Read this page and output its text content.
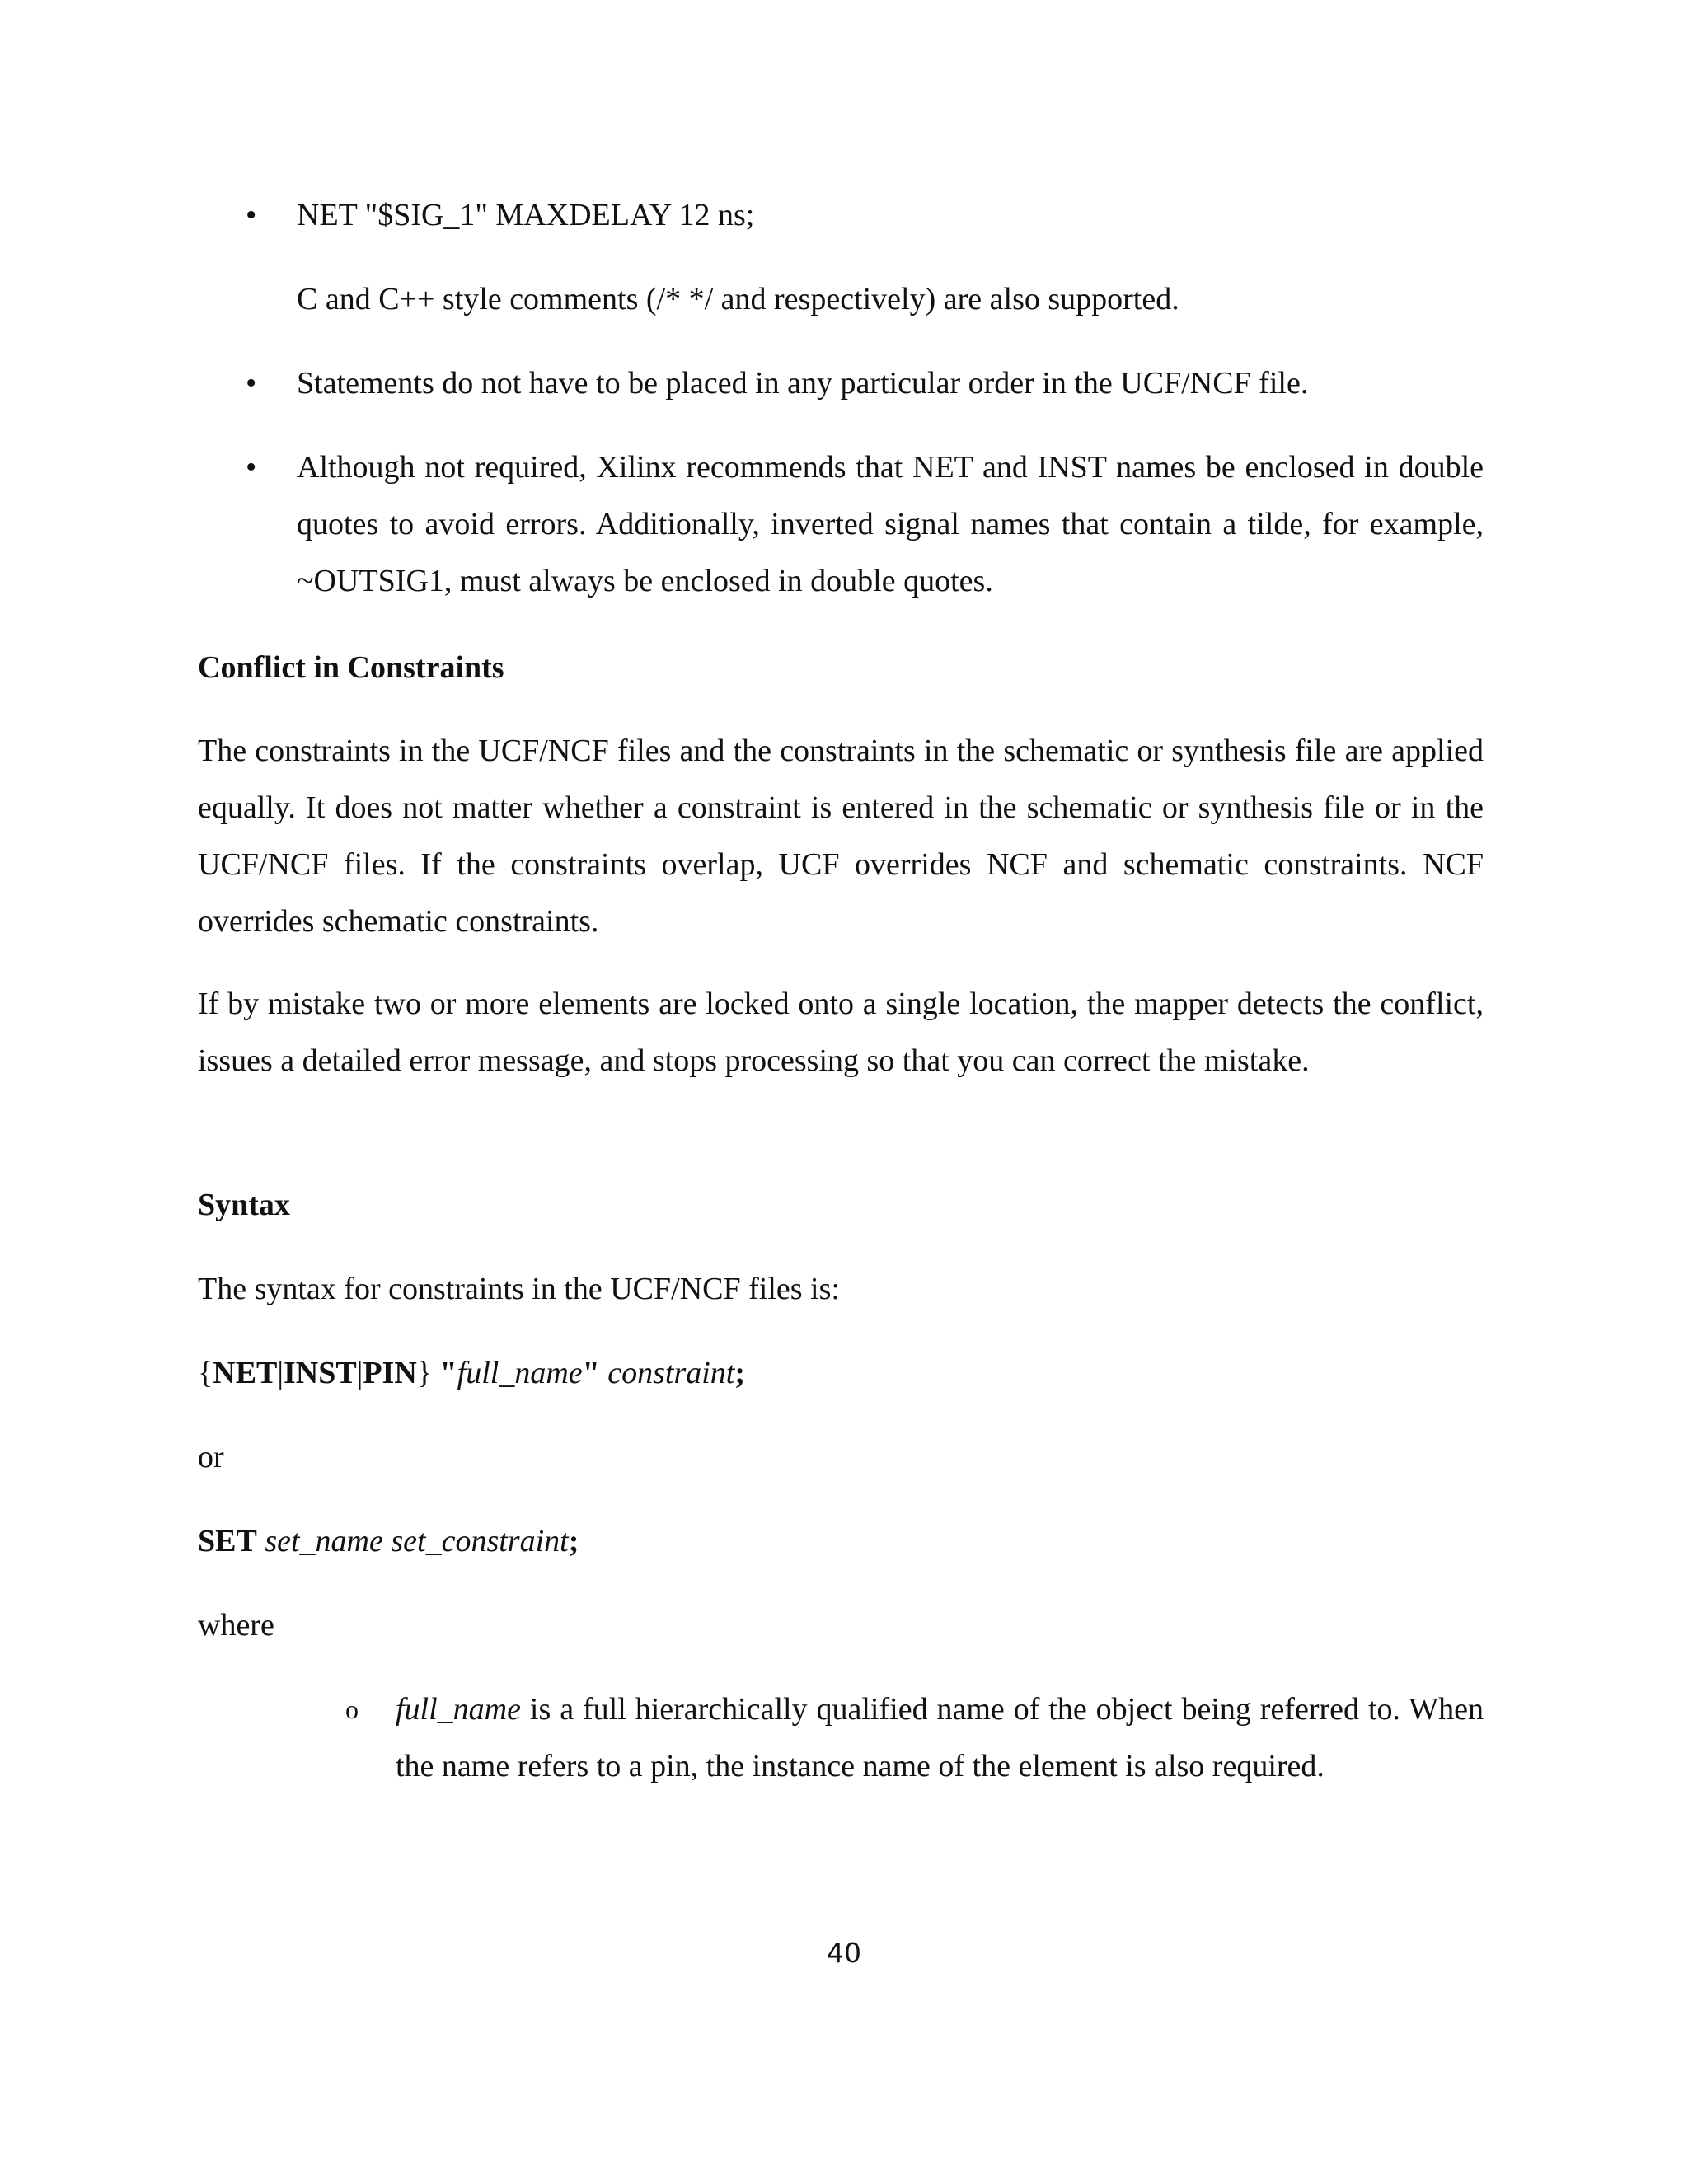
•	NET "$SIG_1" MAXDELAY 12 ns;
C and C++ style comments (/* */ and respectively) are also supported.
•	Statements do not have to be placed in any particular order in the UCF/NCF file.
•	Although not required, Xilinx recommends that NET and INST names be enclosed in double quotes to avoid errors. Additionally, inverted signal names that contain a tilde, for example, ~OUTSIG1, must always be enclosed in double quotes.
Conflict in Constraints
The constraints in the UCF/NCF files and the constraints in the schematic or synthesis file are applied equally. It does not matter whether a constraint is entered in the schematic or synthesis file or in the UCF/NCF files. If the constraints overlap, UCF overrides NCF and schematic constraints. NCF overrides schematic constraints.
If by mistake two or more elements are locked onto a single location, the mapper detects the conflict, issues a detailed error message, and stops processing so that you can correct the mistake.
Syntax
The syntax for constraints in the UCF/NCF files is:
{NET|INST|PIN} "full_name" constraint;
or
SET set_name set_constraint;
where
o	full_name is a full hierarchically qualified name of the object being referred to. When the name refers to a pin, the instance name of the element is also required.
40
